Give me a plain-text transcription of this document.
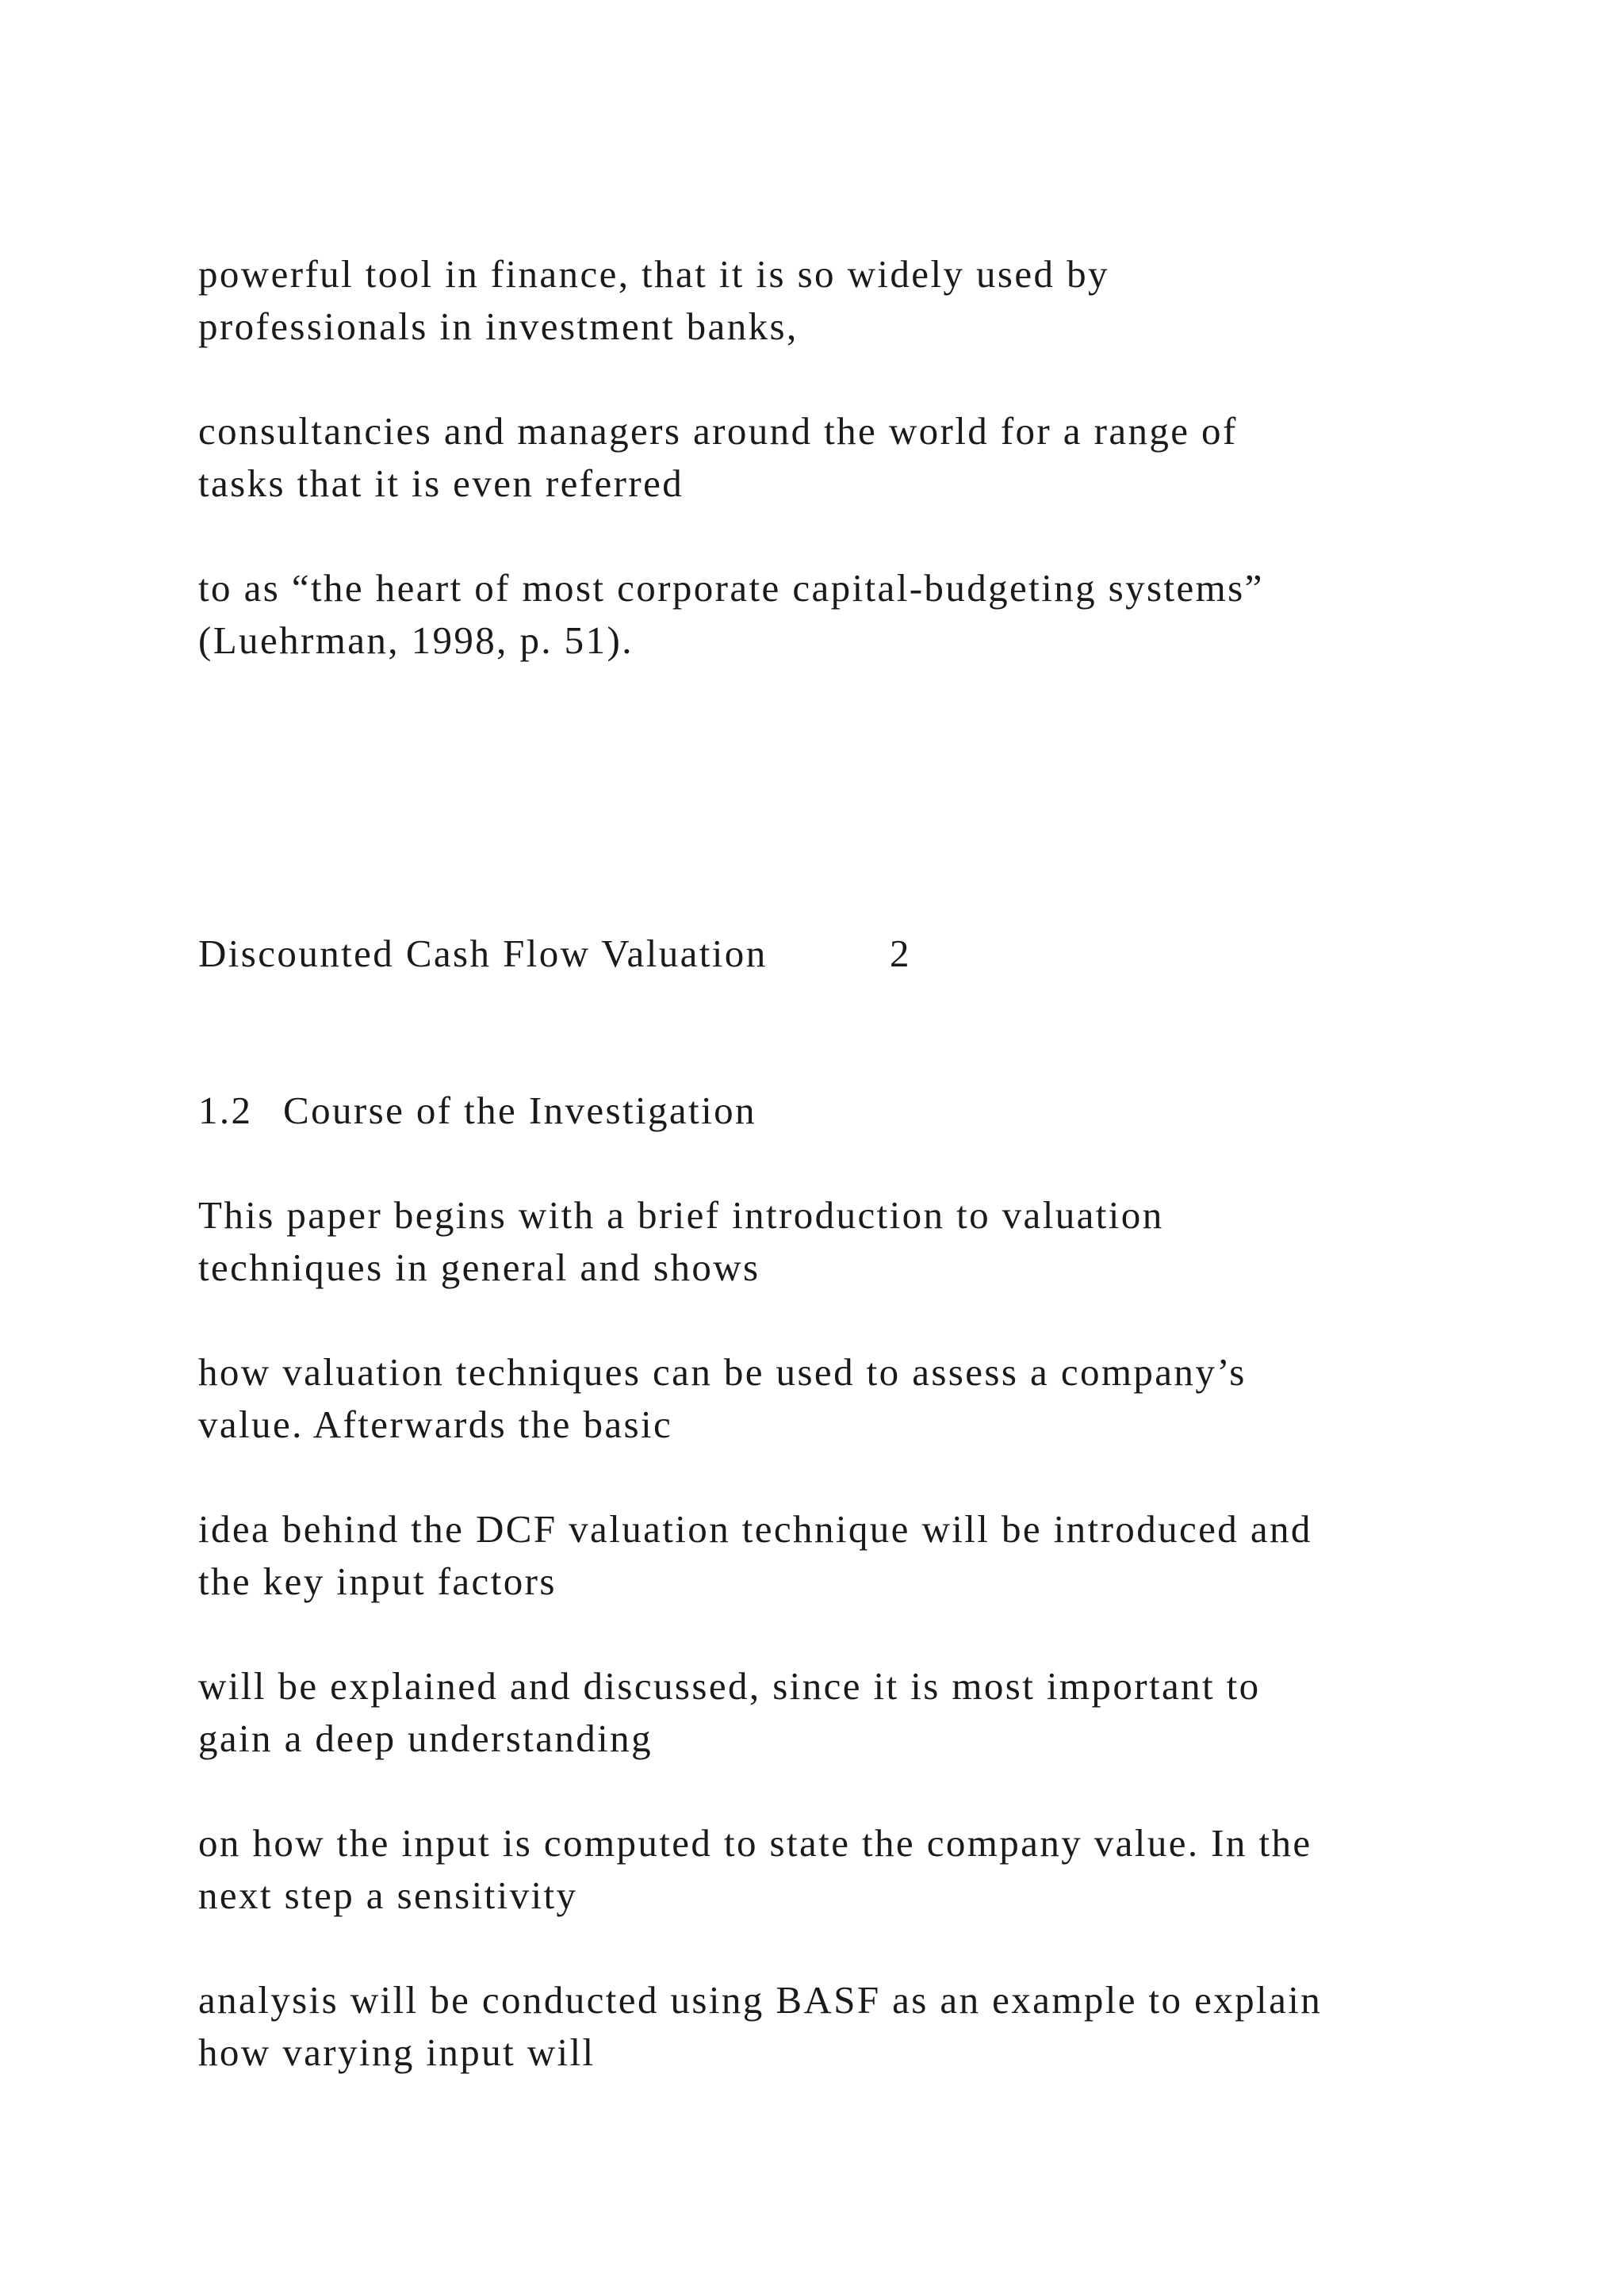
powerful tool in finance, that it is so widely used by

professionals in investment banks,

consultancies and managers around the world for a range of

tasks that it is even referred

to as “the heart of most corporate capital-budgeting systems”

(Luehrman, 1998, p. 51).

Discounted Cash Flow Valuation	2
1.2 Course of the Investigation

This paper begins with a brief introduction to valuation

techniques in general and shows

how valuation techniques can be used to assess a company’s

value. Afterwards the basic

idea behind the DCF valuation technique will be introduced and

the key input factors

will be explained and discussed, since it is most important to

gain a deep understanding

on how the input is computed to state the company value. In the

next step a sensitivity

analysis will be conducted using BASF as an example to explain

how varying input will
